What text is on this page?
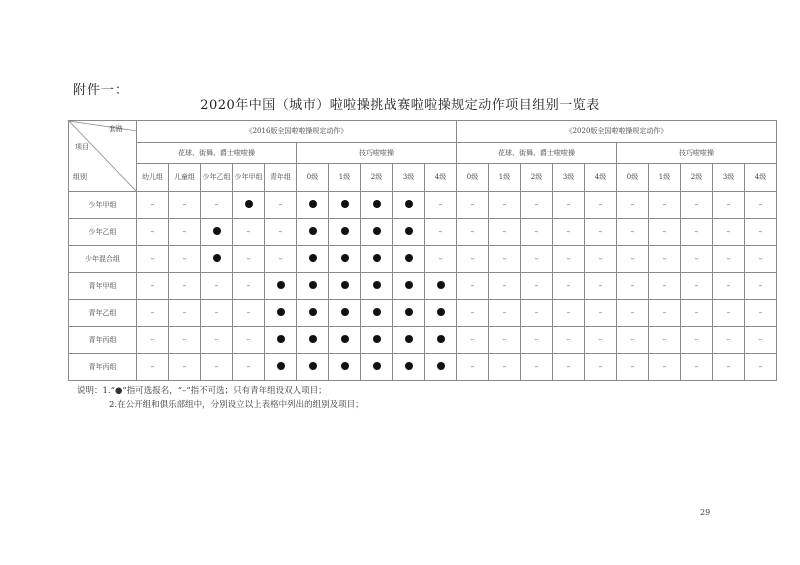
附件一：
2020年中国（城市）啦啦操挑战赛啦啦操规定动作项目组别一览表
套路
项目
组别	《2016版全国啦啦操规定动作》										《2020版全国啦啦操规定动作》									
	花球、街舞、爵士啦啦操					技巧啦啦操					花球、街舞、爵士啦啦操					技巧啦啦操				
	幼儿组	儿童组	少年乙组	少年甲组	青年组	0级	1级	2级	3级	4级	0级	1级	2级	3级	4级	0级	1级	2级	3级	4级
少年甲组	–	–	–		–					–	–	–	–	–	–	–	–	–	–	–
少年乙组	–	–		–	–					–	–	–	–	–	–	–	–	–	–	–
少年混合组	–	–		–	–					–	–	–	–	–	–	–	–	–	–	–
青年甲组	–	–	–	–							–	–	–	–	–	–	–	–	–	–
青年乙组	–	–	–	–							–	–	–	–	–	–	–	–	–	–
青年丙组	–	–	–	–							–	–	–	–	–	–	–	–	–	–
青年丙组	–	–	–	–							–	–	–	–	–	–	–	–	–	–
说明：1.“●”指可选报名，“–”指不可选；只有青年组设双人项目；
2.在公开组和俱乐部组中，分别设立以上表格中列出的组别及项目；
29
